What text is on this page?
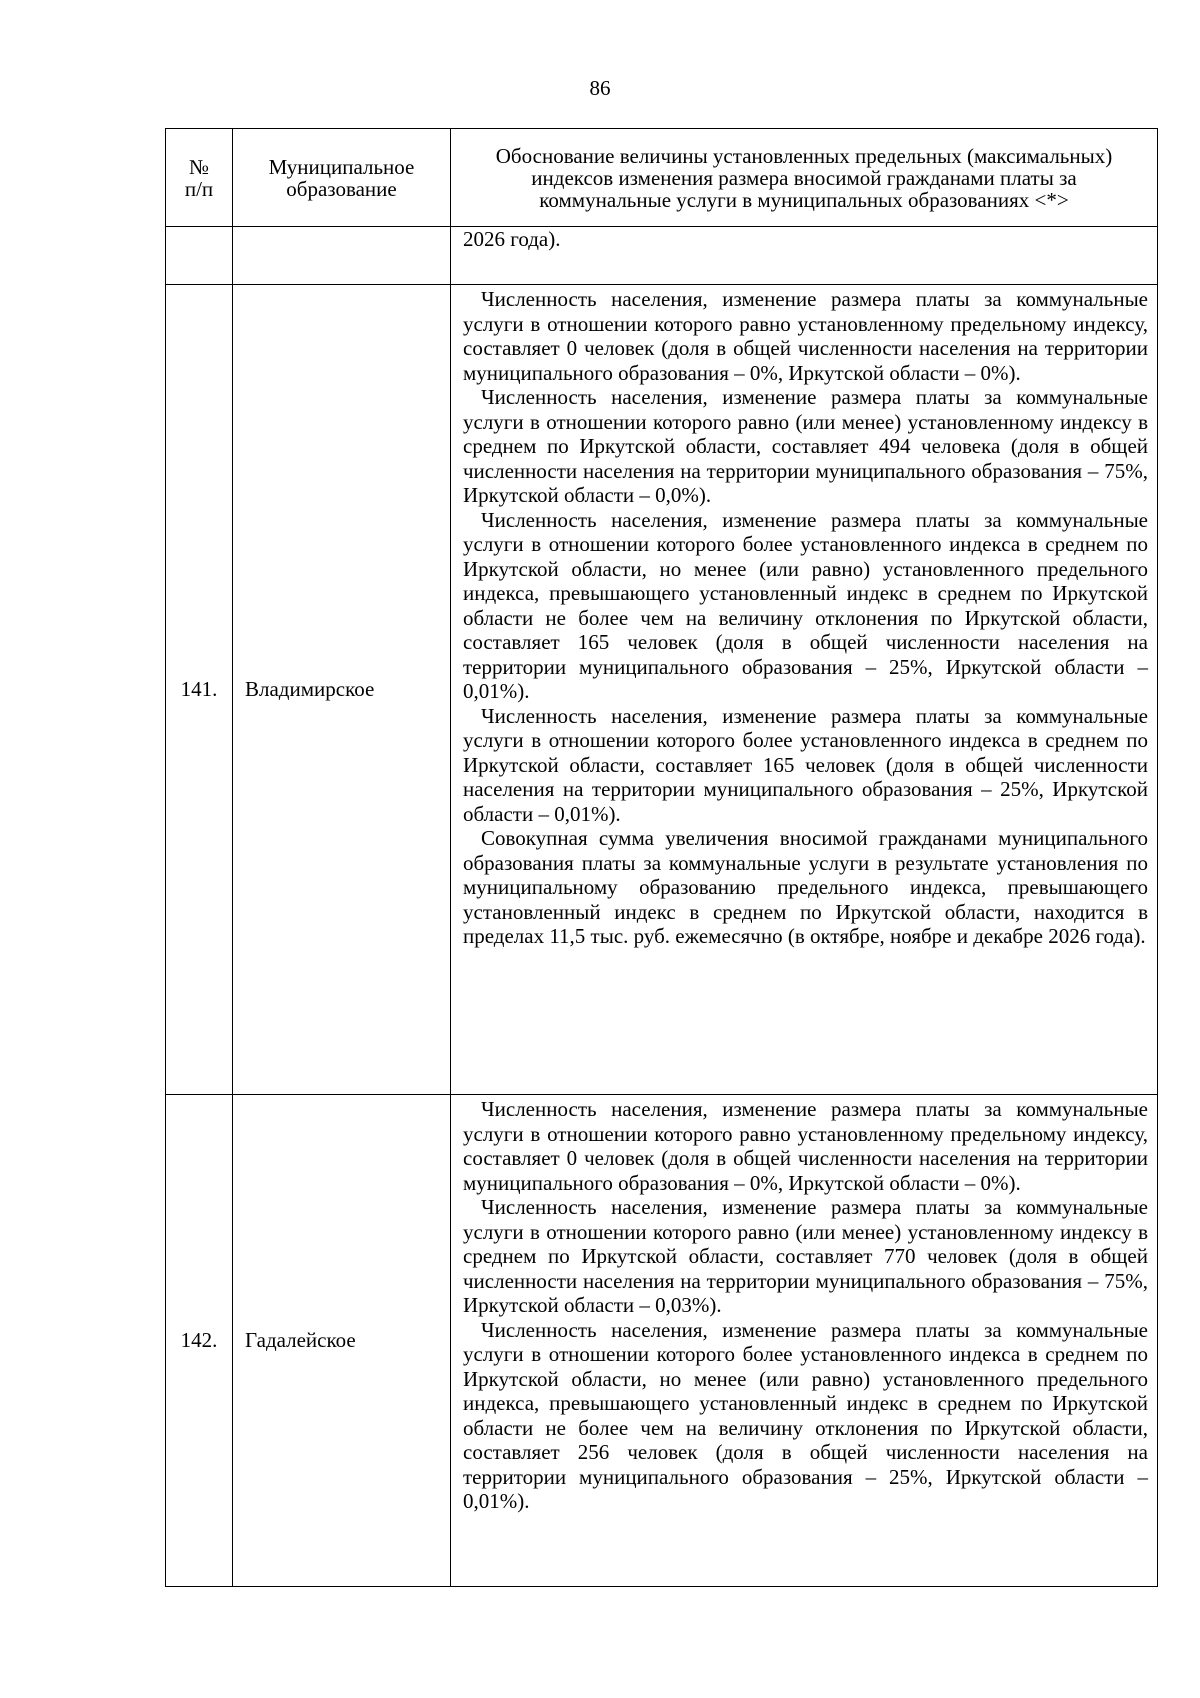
86
№
п/п	Муниципальное образование	Обоснование величины установленных предельных (максимальных) индексов изменения размера вносимой гражданами платы за коммунальные услуги в муниципальных образованиях <*>

		2026 года).

141.	Владимирское	Численность населения, изменение размера платы за коммунальные услуги в отношении которого равно установленному предельному индексу, составляет 0 человек (доля в общей численности населения на территории муниципального образования – 0%, Иркутской области – 0%).

Численность населения, изменение размера платы за коммунальные услуги в отношении которого равно (или менее) установленному индексу в среднем по Иркутской области, составляет 494 человека (доля в общей численности населения на территории муниципального образования – 75%, Иркутской области – 0,0%).

Численность населения, изменение размера платы за коммунальные услуги в отношении которого более установленного индекса в среднем по Иркутской области, но менее (или равно) установленного предельного индекса, превышающего установленный индекс в среднем по Иркутской области не более чем на величину отклонения по Иркутской области, составляет 165 человек (доля в общей численности населения на территории муниципального образования – 25%, Иркутской области – 0,01%).

Численность населения, изменение размера платы за коммунальные услуги в отношении которого более установленного индекса в среднем по Иркутской области, составляет 165 человек (доля в общей численности населения на территории муниципального образования – 25%, Иркутской области – 0,01%).

Совокупная сумма увеличения вносимой гражданами муниципального образования платы за коммунальные услуги в результате установления по муниципальному образованию предельного индекса, превышающего установленный индекс в среднем по Иркутской области, находится в пределах 11,5 тыс. руб. ежемесячно (в октябре, ноябре и декабре 2026 года).

142.	Гадалейское	Численность населения, изменение размера платы за коммунальные услуги в отношении которого равно установленному предельному индексу, составляет 0 человек (доля в общей численности населения на территории муниципального образования – 0%, Иркутской области – 0%).

Численность населения, изменение размера платы за коммунальные услуги в отношении которого равно (или менее) установленному индексу в среднем по Иркутской области, составляет 770 человек (доля в общей численности населения на территории муниципального образования – 75%, Иркутской области – 0,03%).

Численность населения, изменение размера платы за коммунальные услуги в отношении которого более установленного индекса в среднем по Иркутской области, но менее (или равно) установленного предельного индекса, превышающего установленный индекс в среднем по Иркутской области не более чем на величину отклонения по Иркутской области, составляет 256 человек (доля в общей численности населения на территории муниципального образования – 25%, Иркутской области – 0,01%).
